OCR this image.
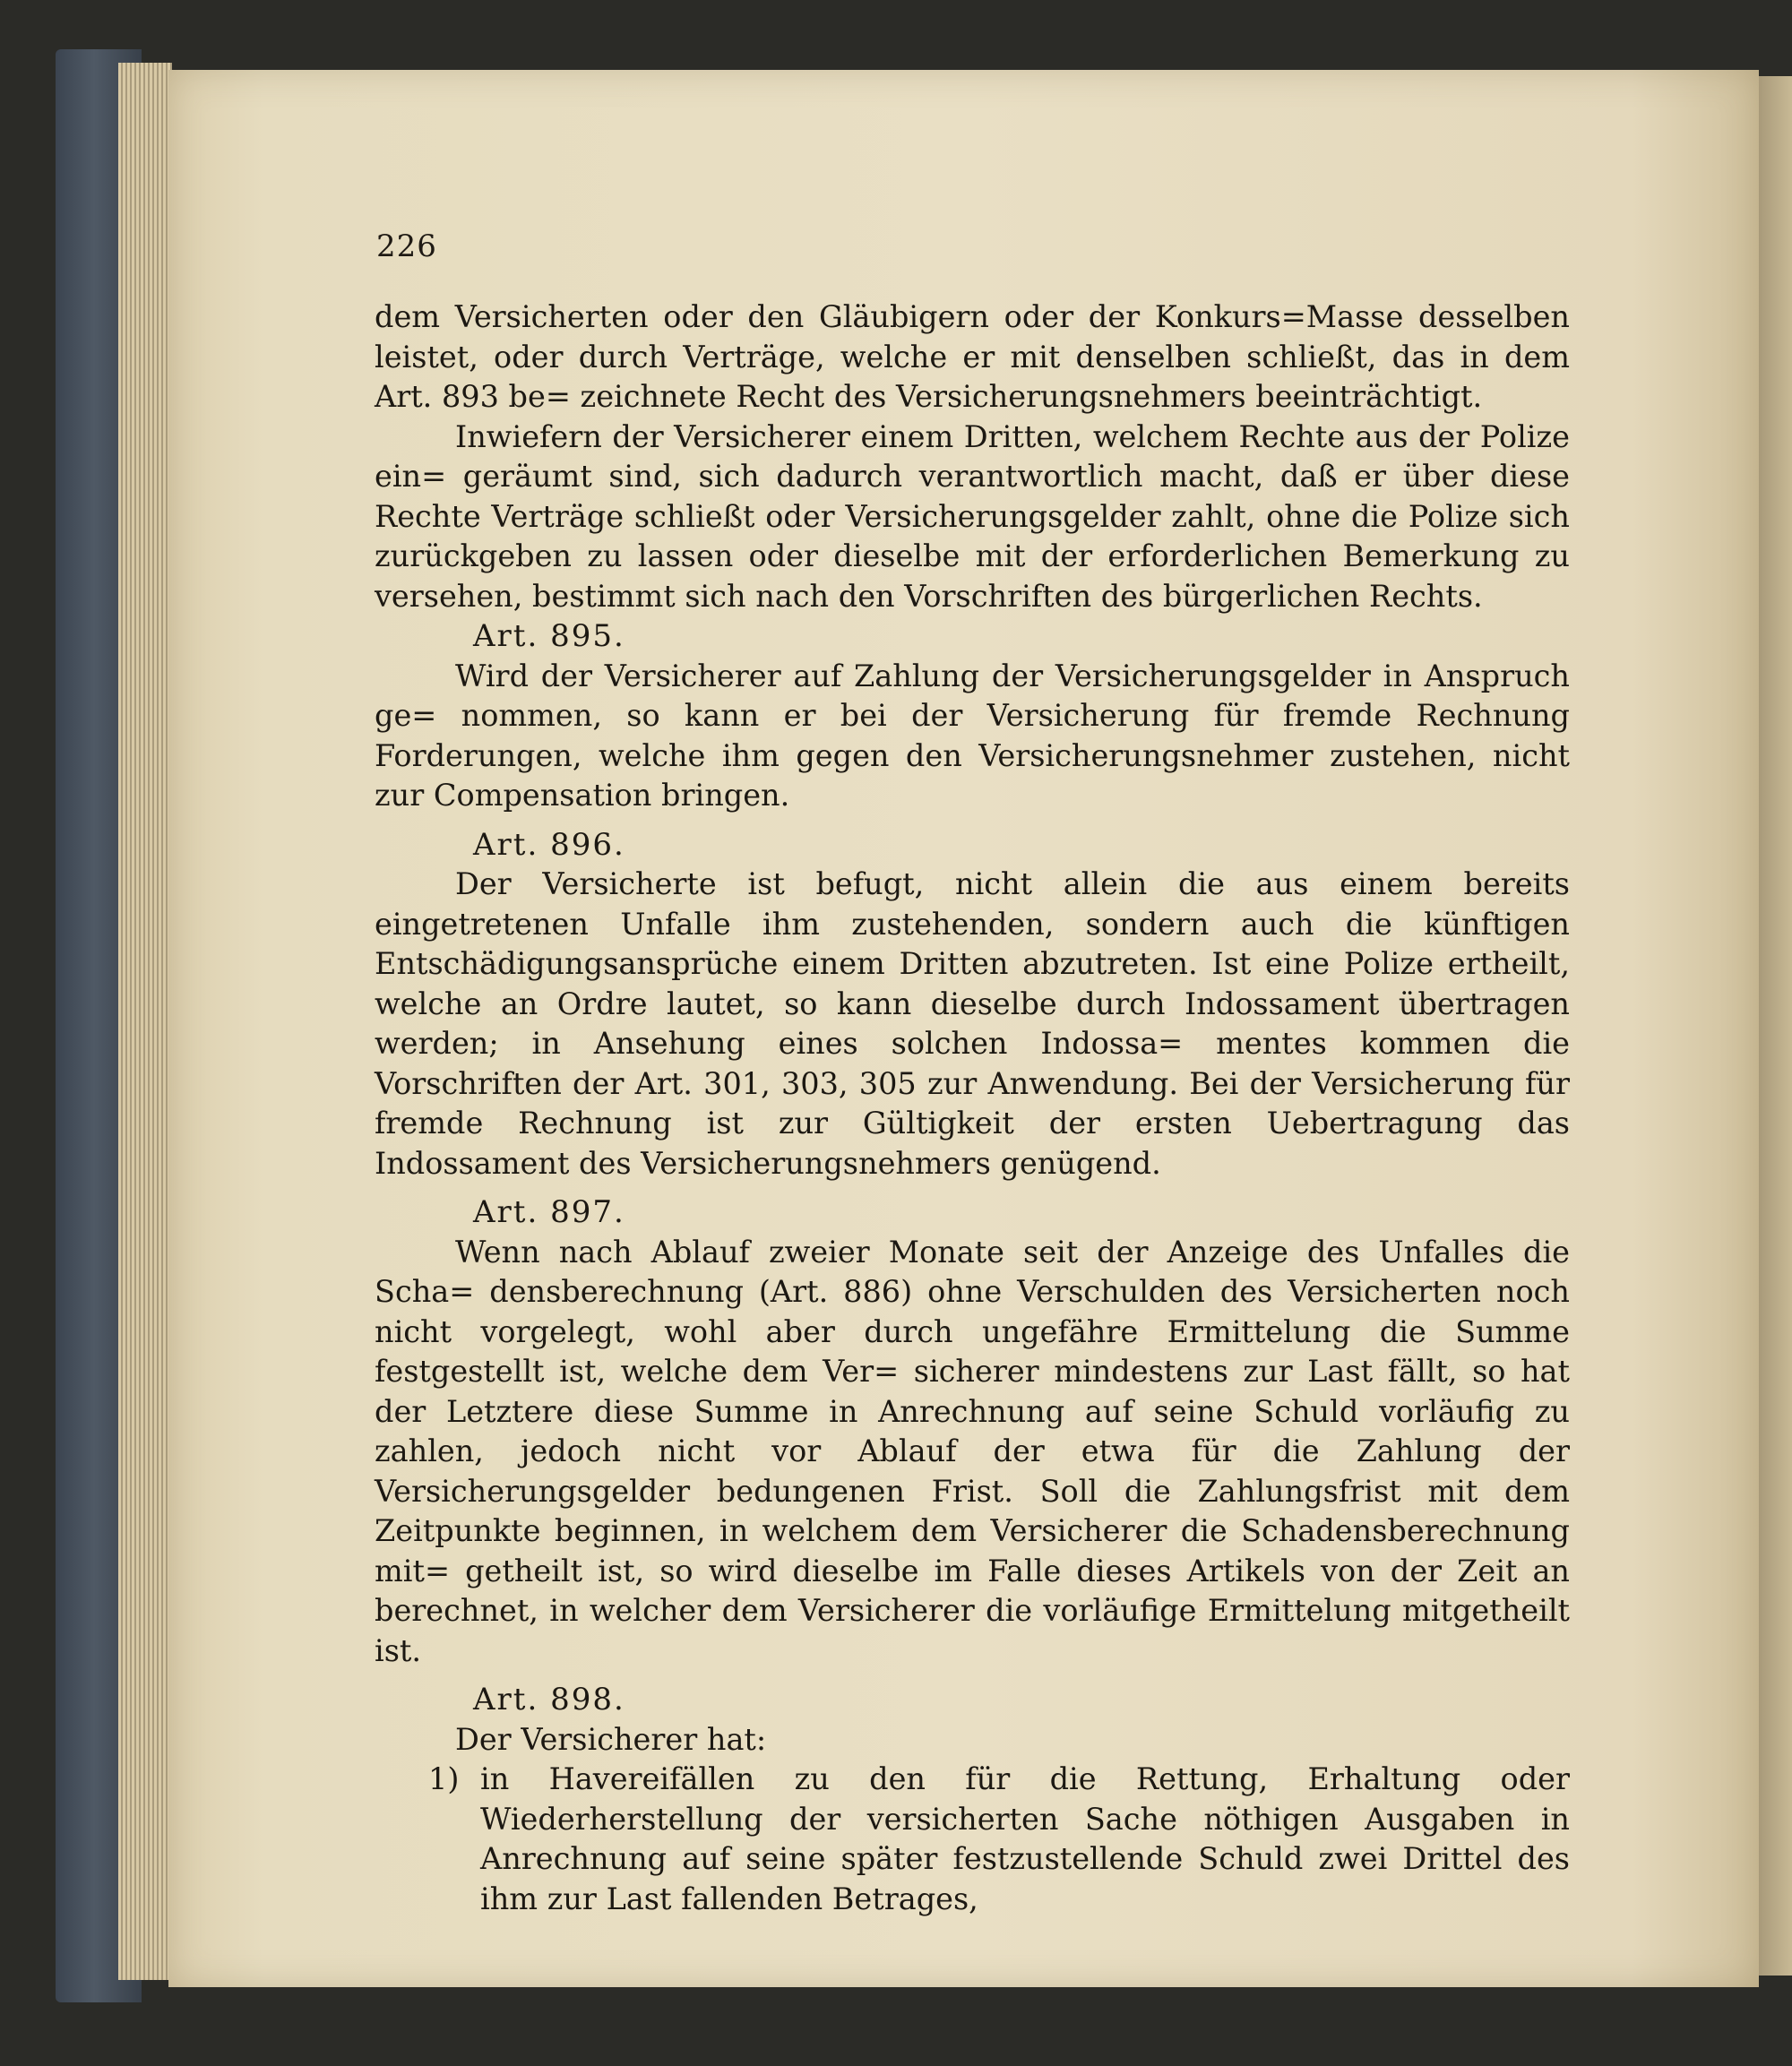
226

dem Versicherten oder den Gläubigern oder der Konkurs=Masse desselben leistet, oder durch Verträge, welche er mit denselben schließt, das in dem Art. 893 be= zeichnete Recht des Versicherungsnehmers beeinträchtigt.

Inwiefern der Versicherer einem Dritten, welchem Rechte aus der Polize ein= geräumt sind, sich dadurch verantwortlich macht, daß er über diese Rechte Verträge schließt oder Versicherungsgelder zahlt, ohne die Polize sich zurückgeben zu lassen oder dieselbe mit der erforderlichen Bemerkung zu versehen, bestimmt sich nach den Vorschriften des bürgerlichen Rechts.

Art. 895.

Wird der Versicherer auf Zahlung der Versicherungsgelder in Anspruch ge= nommen, so kann er bei der Versicherung für fremde Rechnung Forderungen, welche ihm gegen den Versicherungsnehmer zustehen, nicht zur Compensation bringen.

Art. 896.

Der Versicherte ist befugt, nicht allein die aus einem bereits eingetretenen Unfalle ihm zustehenden, sondern auch die künftigen Entschädigungsansprüche einem Dritten abzutreten. Ist eine Polize ertheilt, welche an Ordre lautet, so kann dieselbe durch Indossament übertragen werden; in Ansehung eines solchen Indossa= mentes kommen die Vorschriften der Art. 301, 303, 305 zur Anwendung. Bei der Versicherung für fremde Rechnung ist zur Gültigkeit der ersten Uebertragung das Indossament des Versicherungsnehmers genügend.

Art. 897.

Wenn nach Ablauf zweier Monate seit der Anzeige des Unfalles die Scha= densberechnung (Art. 886) ohne Verschulden des Versicherten noch nicht vorgelegt, wohl aber durch ungefähre Ermittelung die Summe festgestellt ist, welche dem Ver= sicherer mindestens zur Last fällt, so hat der Letztere diese Summe in Anrechnung auf seine Schuld vorläufig zu zahlen, jedoch nicht vor Ablauf der etwa für die Zahlung der Versicherungsgelder bedungenen Frist. Soll die Zahlungsfrist mit dem Zeitpunkte beginnen, in welchem dem Versicherer die Schadensberechnung mit= getheilt ist, so wird dieselbe im Falle dieses Artikels von der Zeit an berechnet, in welcher dem Versicherer die vorläufige Ermittelung mitgetheilt ist.

Art. 898.

Der Versicherer hat:

1) in Havereifällen zu den für die Rettung, Erhaltung oder Wiederherstellung der versicherten Sache nöthigen Ausgaben in Anrechnung auf seine später festzustellende Schuld zwei Drittel des ihm zur Last fallenden Betrages,
